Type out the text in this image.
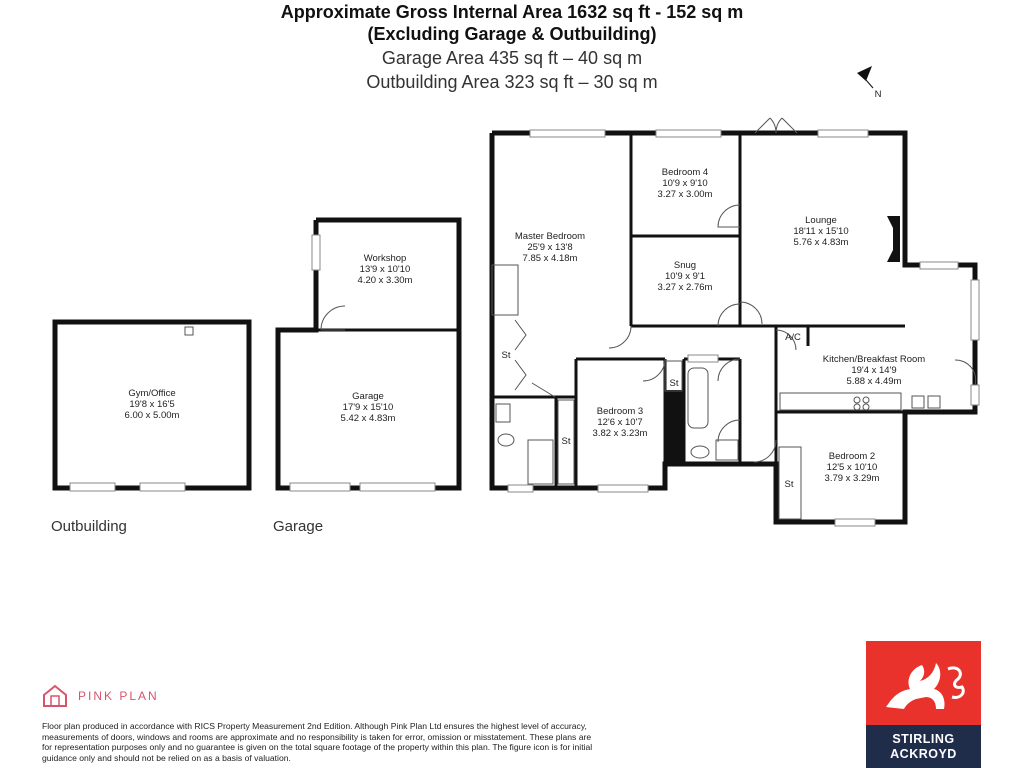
Approximate Gross Internal Area 1632 sq ft - 152 sq m
(Excluding Garage & Outbuilding)
Garage Area 435 sq ft – 40 sq m
Outbuilding Area 323 sq ft – 30 sq m
N
Gym/Office
19'8 x 16'5
6.00 x 5.00m
Workshop
13'9 x 10'10
4.20 x 3.30m
Garage
17'9 x 15'10
5.42 x 4.83m
Master Bedroom
25'9 x 13'8
7.85 x 4.18m
Bedroom 4
10'9 x 9'10
3.27 x 3.00m
Lounge
18'11 x 15'10
5.76 x 4.83m
Snug
10'9 x 9'1
3.27 x 2.76m
Kitchen/Breakfast Room
19'4 x 14'9
5.88 x 4.49m
Bedroom 3
12'6 x 10'7
3.82 x 3.23m
Bedroom 2
12'5 x 10'10
3.79 x 3.29m
St
St
St
St
A/C
Outbuilding	Garage
PINK PLAN
Floor plan produced in accordance with RICS Property Measurement 2nd Edition. Although Pink Plan Ltd ensures the highest level of accuracy, measurements of doors, windows and rooms are approximate and no responsibility is taken for error, omission or misstatement. These plans are for representation purposes only and no guarantee is given on the total square footage of the property within this plan. The figure icon is for initial guidance only and should not be relied on as a basis of valuation.
STIRLING
ACKROYD
